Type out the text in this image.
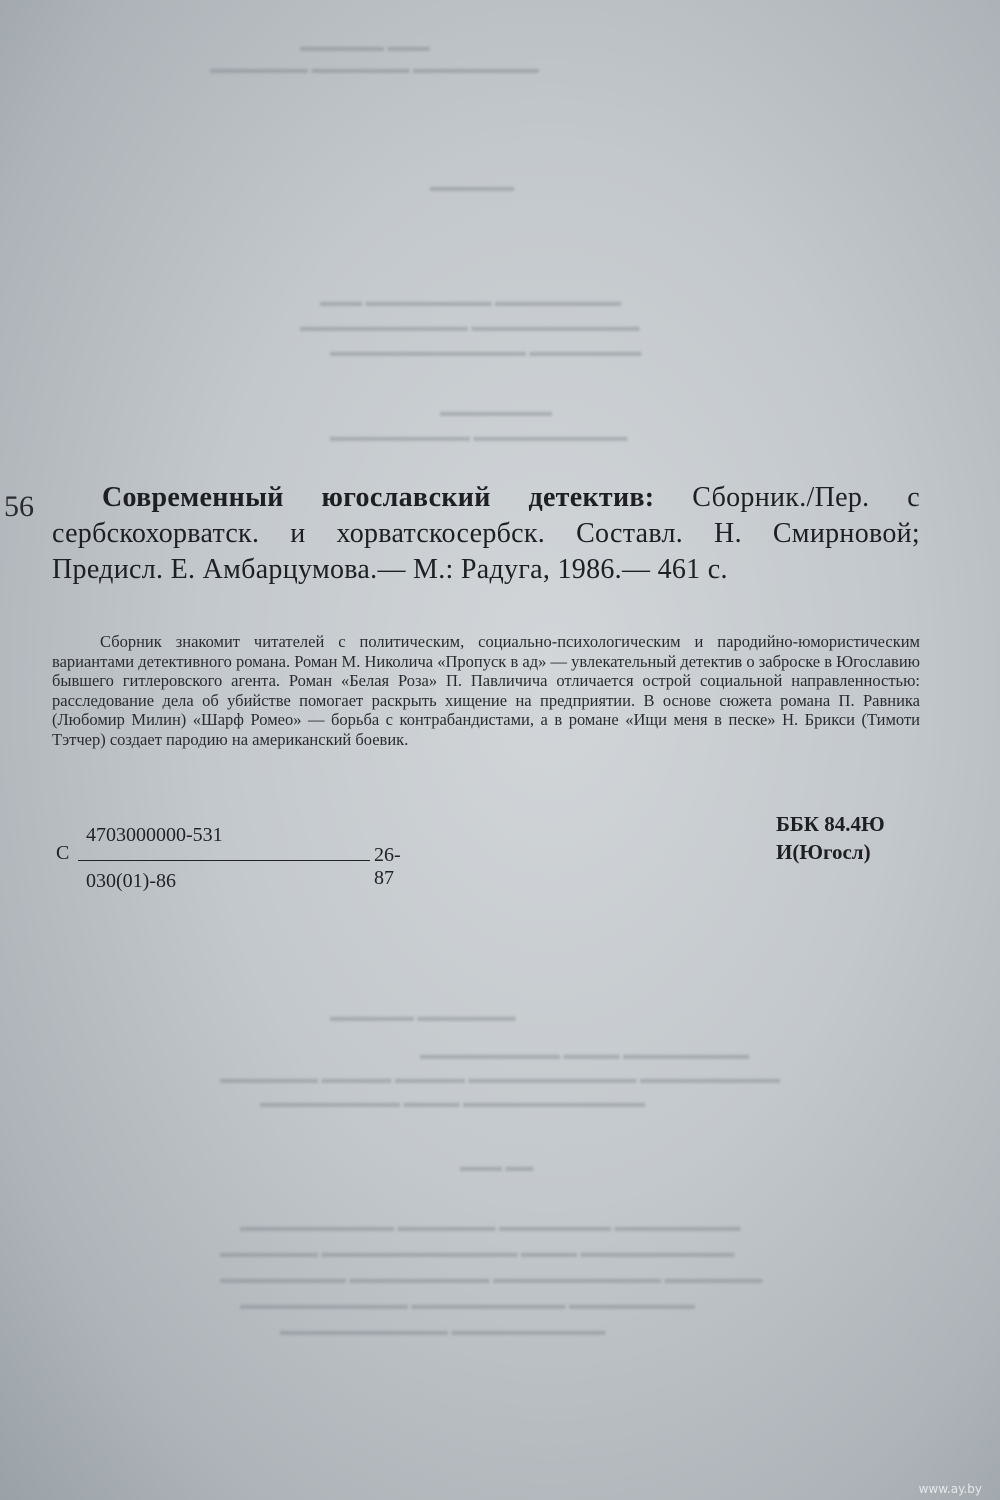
▬▬▬ ▬▬▬▬▬▬
▬▬▬▬▬▬▬▬▬ ▬▬▬▬▬▬▬ ▬▬▬▬▬▬▬
▬▬▬▬▬▬
▬▬▬▬▬▬▬▬▬ ▬▬▬▬▬▬▬▬▬ ▬▬▬
▬▬▬▬▬▬▬▬▬▬▬▬ ▬▬▬▬▬▬▬▬▬▬▬▬
▬▬▬▬▬▬▬▬ ▬▬▬▬▬▬▬▬▬▬▬▬▬▬
▬▬▬▬▬▬▬▬
▬▬▬▬▬▬▬▬▬▬▬ ▬▬▬▬▬▬▬▬▬▬
▬▬▬▬▬▬▬ ▬▬▬▬▬▬
▬▬▬▬▬▬▬▬▬ ▬▬▬▬ ▬▬▬▬▬▬▬▬▬▬
▬▬▬▬▬▬▬▬▬▬ ▬▬▬▬▬▬▬▬▬▬▬▬ ▬▬▬▬▬ ▬▬▬▬▬ ▬▬▬▬▬▬▬
▬▬▬▬▬▬▬▬▬▬▬▬▬ ▬▬▬▬ ▬▬▬▬▬▬▬▬▬▬
▬▬ ▬▬▬
▬▬▬▬▬▬▬▬▬ ▬▬▬▬▬▬▬▬ ▬▬▬▬▬▬▬ ▬▬▬▬▬▬▬▬▬▬▬
▬▬▬▬▬▬▬▬▬▬▬ ▬▬▬▬ ▬▬▬▬▬▬▬▬▬▬▬▬▬▬ ▬▬▬▬▬▬▬
▬▬▬▬▬▬▬ ▬▬▬▬▬▬▬▬▬▬▬▬ ▬▬▬▬▬▬▬▬▬▬ ▬▬▬▬▬▬▬▬▬
▬▬▬▬▬▬▬▬▬ ▬▬▬▬▬▬▬▬▬▬▬ ▬▬▬▬▬▬▬▬▬▬▬▬
▬▬▬▬▬▬▬▬▬▬▬ ▬▬▬▬▬▬▬▬▬▬▬▬
56	Современный югославский детектив: Сборник./Пер. с сербскохорватск. и хорватскосербск. Составл. Н. Смирновой; Предисл. Е. Амбарцумова.— М.: Радуга, 1986.— 461 с.
Сборник знакомит читателей с политическим, социально-психологическим и пародийно-юмористическим вариантами детективного романа. Роман М. Николича «Пропуск в ад» — увлекательный детектив о заброске в Югославию бывшего гитлеровского агента. Роман «Белая Роза» П. Павличича отличается острой социальной направленностью: расследование дела об убийстве помогает раскрыть хищение на предприятии. В основе сюжета романа П. Равника (Любомир Милин) «Шарф Ромео» — борьба с контрабандистами, а в романе «Ищи меня в песке» Н. Брикси (Тимоти Тэтчер) создает пародию на американский боевик.
С
4703000000-531
26-87
030(01)-86
ББК 84.4Ю
И(Югосл)
www.ay.by
